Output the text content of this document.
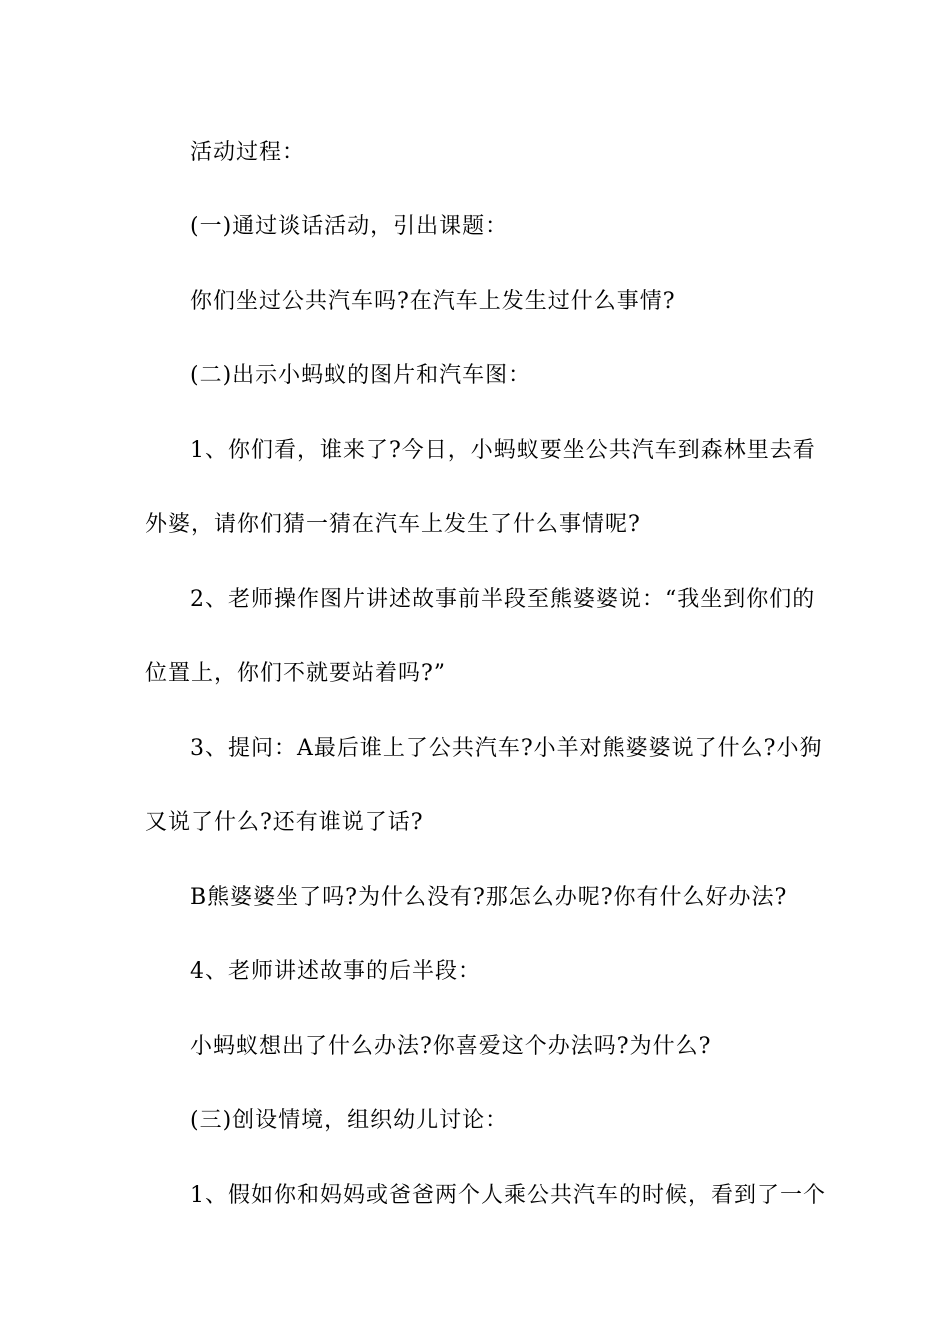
活动过程：
(一)通过谈话活动，引出课题：
你们坐过公共汽车吗?在汽车上发生过什么事情?
(二)出示小蚂蚁的图片和汽车图：
1、你们看，谁来了?今日，小蚂蚁要坐公共汽车到森林里去看
外婆，请你们猜一猜在汽车上发生了什么事情呢?
2、老师操作图片讲述故事前半段至熊婆婆说：“我坐到你们的
位置上，你们不就要站着吗?”
3、提问：A最后谁上了公共汽车?小羊对熊婆婆说了什么?小狗
又说了什么?还有谁说了话?
B熊婆婆坐了吗?为什么没有?那怎么办呢?你有什么好办法?
4、老师讲述故事的后半段：
小蚂蚁想出了什么办法?你喜爱这个办法吗?为什么?
(三)创设情境，组织幼儿讨论：
1、假如你和妈妈或爸爸两个人乘公共汽车的时候，看到了一个
